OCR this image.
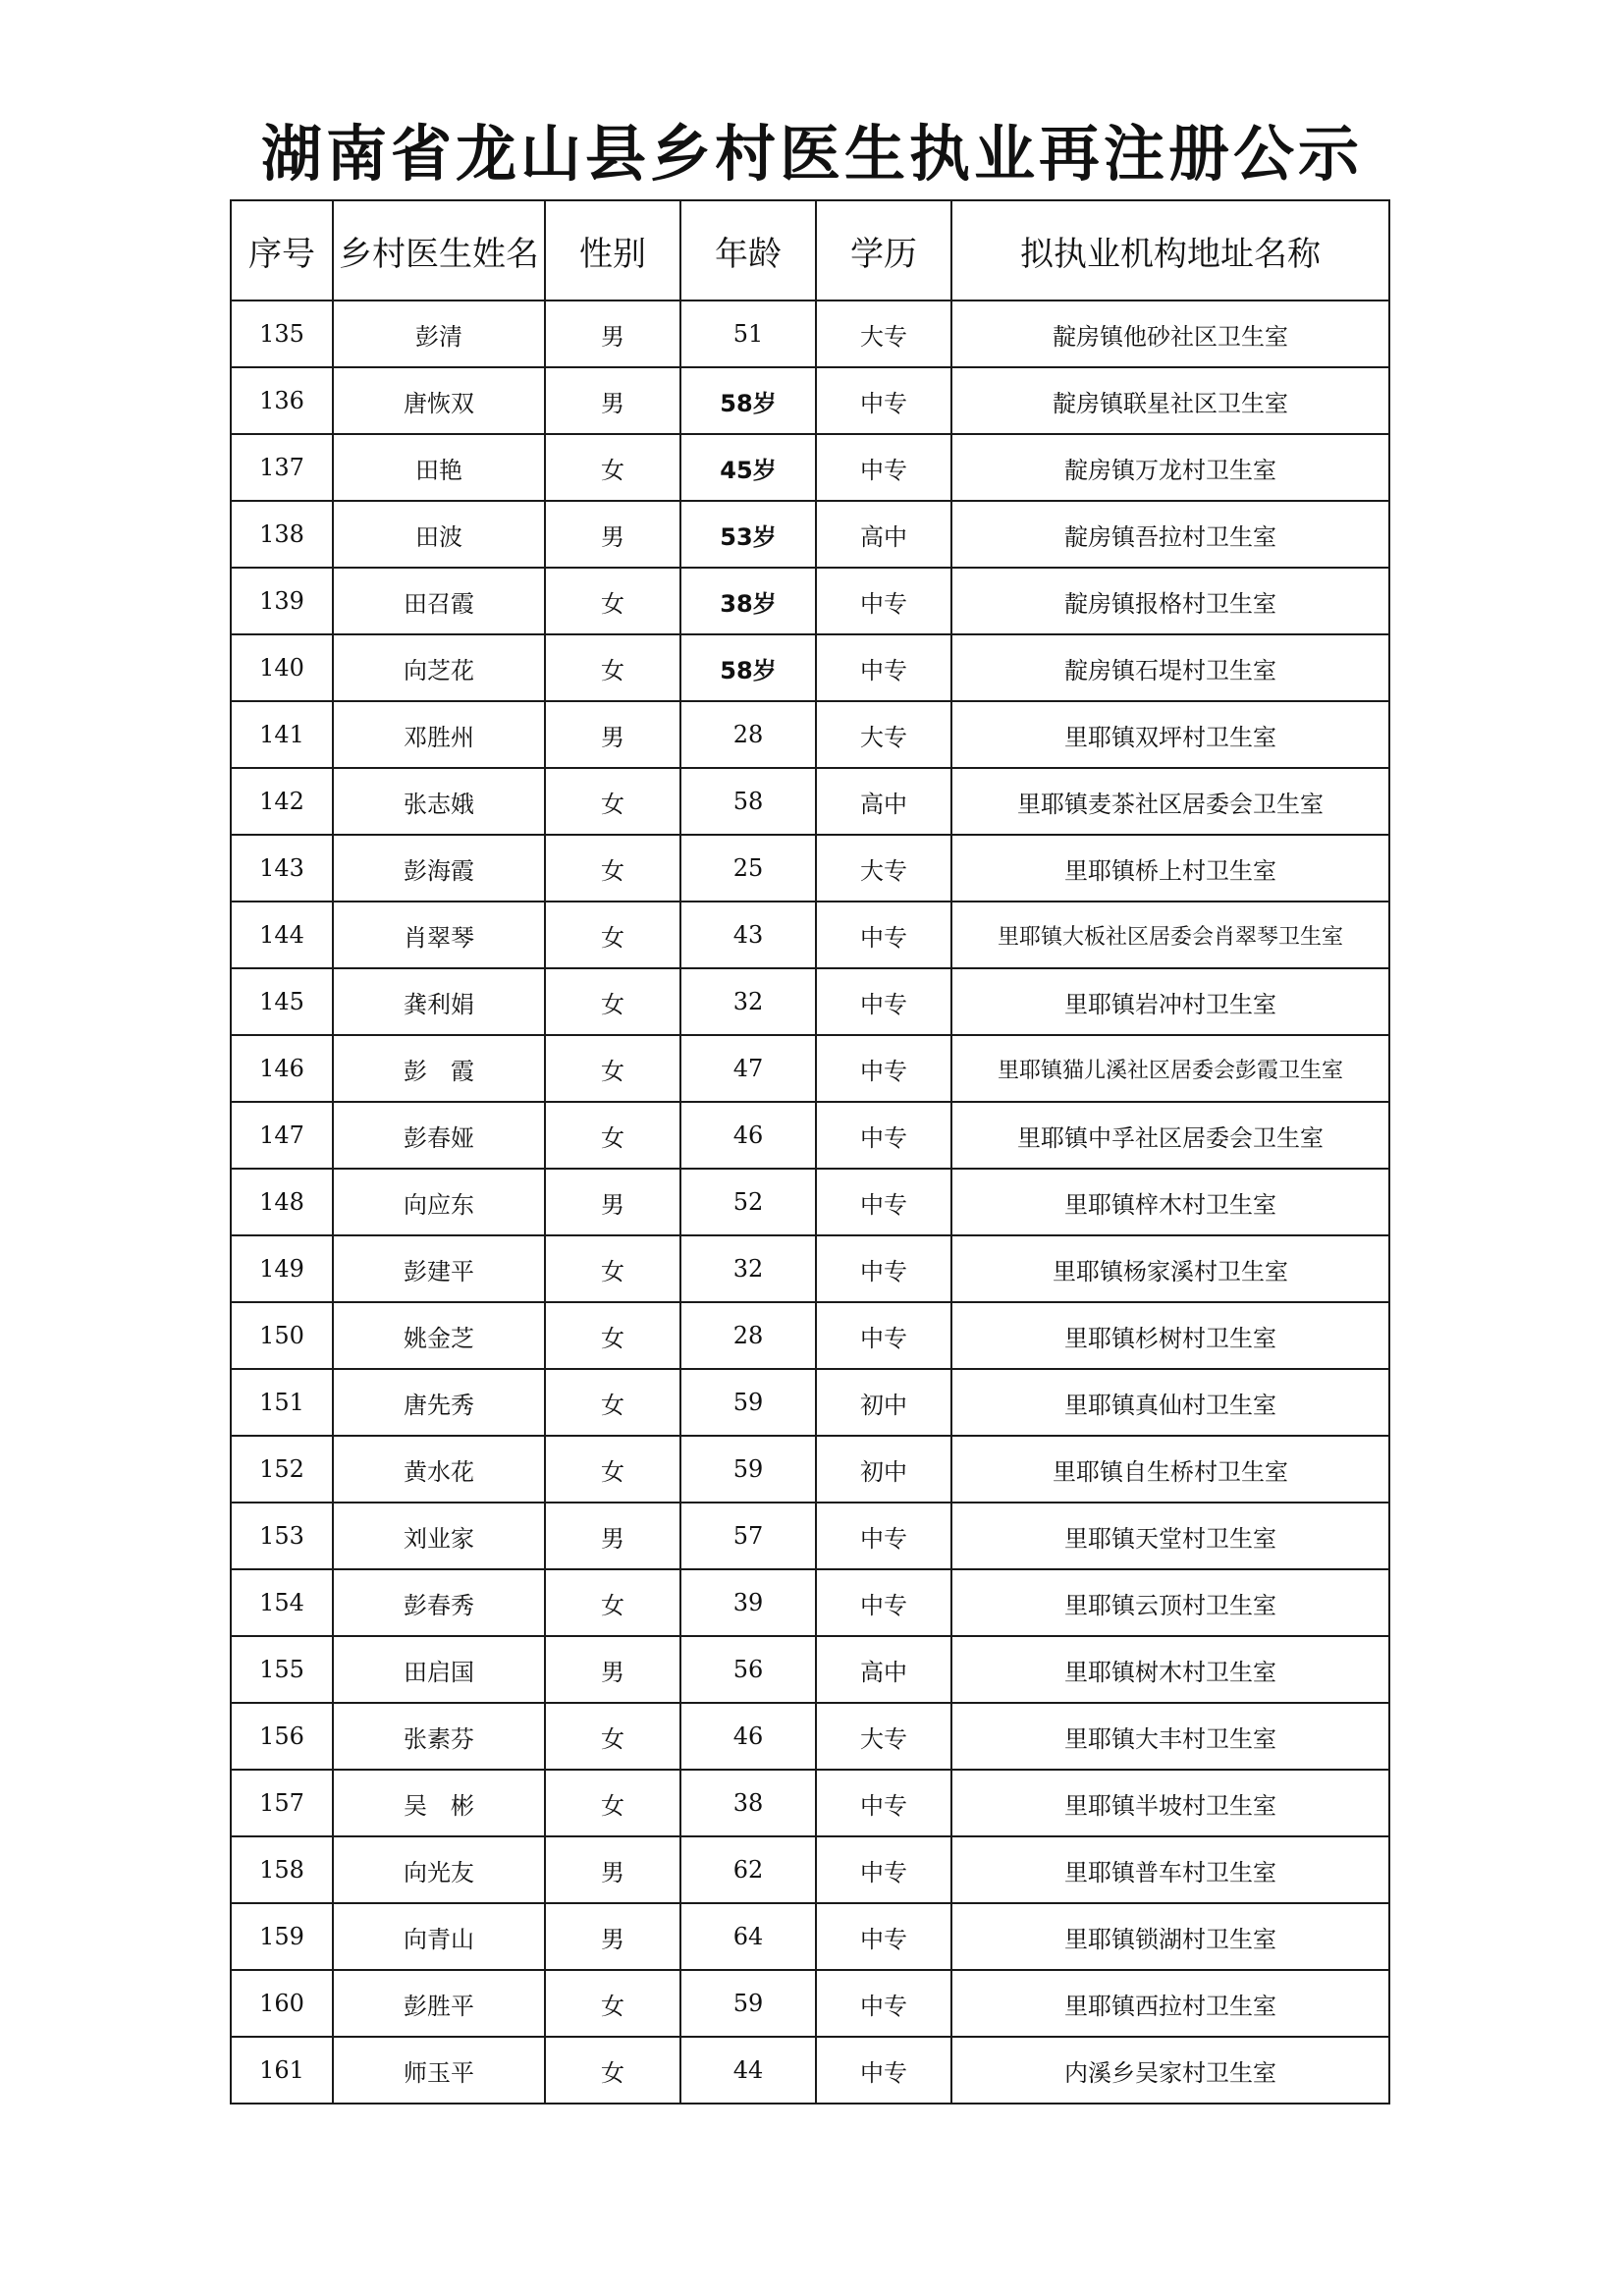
湖南省龙山县乡村医生执业再注册公示
序号	乡村医生姓名	性别	年龄	学历	拟执业机构地址名称
135	彭清	男	51	大专	靛房镇他砂社区卫生室
136	唐恢双	男	58岁	中专	靛房镇联星社区卫生室
137	田艳	女	45岁	中专	靛房镇万龙村卫生室
138	田波	男	53岁	高中	靛房镇吾拉村卫生室
139	田召霞	女	38岁	中专	靛房镇报格村卫生室
140	向芝花	女	58岁	中专	靛房镇石堤村卫生室
141	邓胜州	男	28	大专	里耶镇双坪村卫生室
142	张志娥	女	58	高中	里耶镇麦茶社区居委会卫生室
143	彭海霞	女	25	大专	里耶镇桥上村卫生室
144	肖翠琴	女	43	中专	里耶镇大板社区居委会肖翠琴卫生室
145	龚利娟	女	32	中专	里耶镇岩冲村卫生室
146	彭　霞	女	47	中专	里耶镇猫儿溪社区居委会彭霞卫生室
147	彭春娅	女	46	中专	里耶镇中孚社区居委会卫生室
148	向应东	男	52	中专	里耶镇梓木村卫生室
149	彭建平	女	32	中专	里耶镇杨家溪村卫生室
150	姚金芝	女	28	中专	里耶镇杉树村卫生室
151	唐先秀	女	59	初中	里耶镇真仙村卫生室
152	黄水花	女	59	初中	里耶镇自生桥村卫生室
153	刘业家	男	57	中专	里耶镇天堂村卫生室
154	彭春秀	女	39	中专	里耶镇云顶村卫生室
155	田启国	男	56	高中	里耶镇树木村卫生室
156	张素芬	女	46	大专	里耶镇大丰村卫生室
157	吴　彬	女	38	中专	里耶镇半坡村卫生室
158	向光友	男	62	中专	里耶镇普车村卫生室
159	向青山	男	64	中专	里耶镇锁湖村卫生室
160	彭胜平	女	59	中专	里耶镇西拉村卫生室
161	师玉平	女	44	中专	内溪乡吴家村卫生室
